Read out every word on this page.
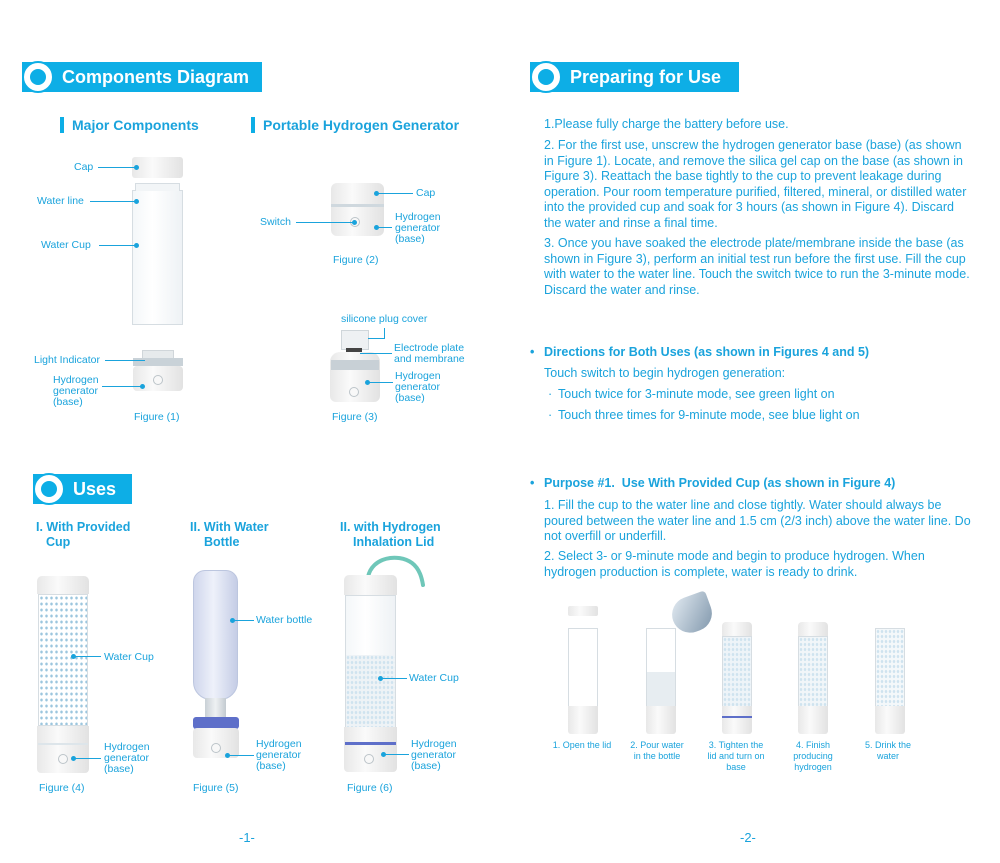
Components Diagram
Major Components	Portable Hydrogen Generator
Cap
Water line
Water Cup
Light Indicator
Hydrogen
generator
(base)
Figure (1)
Cap
Switch	Hydrogen
generator
(base)
Figure (2)
silicone plug cover
Electrode plate
and membrane
Hydrogen
generator
(base)
Figure (3)
Uses
I. With Provided
Cup
II. With Water
Bottle
II. with Hydrogen
Inhalation Lid
Water Cup
Hydrogen
generator
(base)
Figure (4)
Water bottle
Hydrogen
generator
(base)
Figure (5)
Water Cup
Hydrogen
generator
(base)
Figure (6)
-1-
Preparing for Use
1.Please fully charge the battery before use.
2. For the first use, unscrew the hydrogen generator base (base) (as shown in Figure 1). Locate, and remove the silica gel cap on the base (as shown in Figure 3). Reattach the base tightly to the cup to prevent leakage during operation. Pour room temperature purified, filtered, mineral, or distilled water into the provided cup and soak for 3 hours (as shown in Figure 4). Discard the water and rinse a final time.
3. Once you have soaked the electrode plate/membrane inside the base (as shown in Figure 3), perform an initial test run before the first use. Fill the cup with water to the water line. Touch the switch twice to run the 3-minute mode. Discard the water and rinse.
• Directions for Both Uses (as shown in Figures 4 and 5)
Touch switch to begin hydrogen generation:
· Touch twice for 3-minute mode, see green light on
· Touch three times for 9-minute mode, see blue light on
• Purpose #1.  Use With Provided Cup (as shown in Figure 4)
1. Fill the cup to the water line and close tightly. Water should always be poured between the water line and 1.5 cm (2/3 inch) above the water line. Do not overfill or underfill.
2. Select 3- or 9-minute mode and begin to produce hydrogen. When hydrogen production is complete, water is ready to drink.
1. Open the lid	2. Pour water
in the bottle
3. Tighten the
lid and turn on
base
4. Finish
producing
hydrogen
5. Drink the
water
-2-
